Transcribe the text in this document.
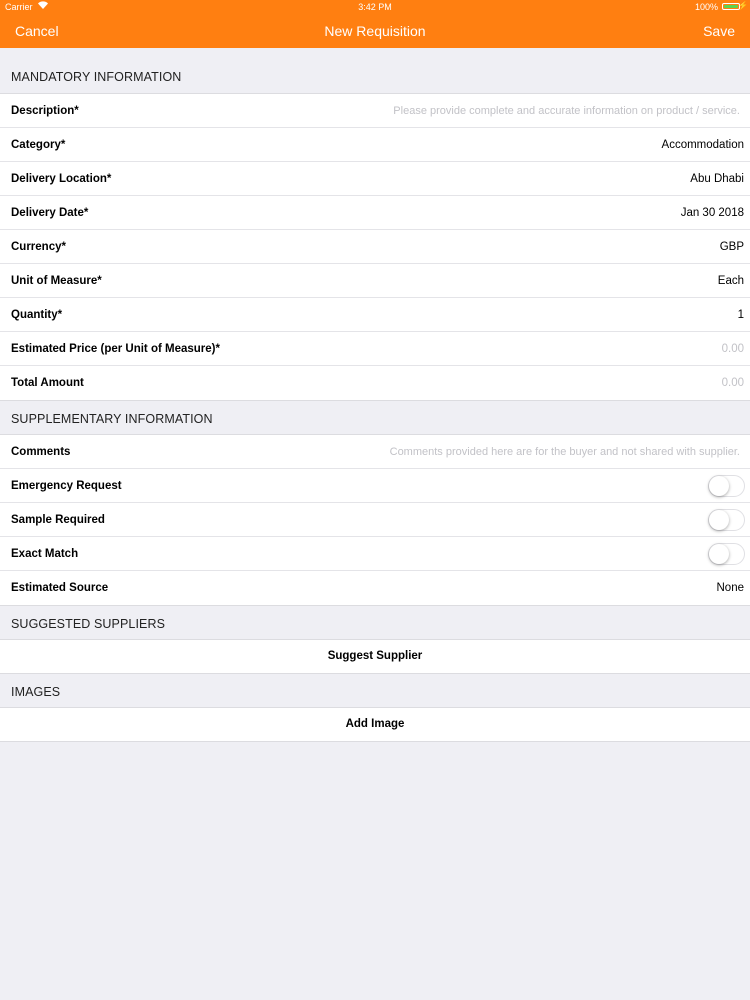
Carrier	3:42 PM	100%	⚡
Cancel	New Requisition	Save
MANDATORY INFORMATION
Description*	Please provide complete and accurate information on product / service.
Category*	Accommodation
Delivery Location*	Abu Dhabi
Delivery Date*	Jan 30 2018
Currency*	GBP
Unit of Measure*	Each
Quantity*	1
Estimated Price (per Unit of Measure)*	0.00
Total Amount	0.00
SUPPLEMENTARY INFORMATION
Comments	Comments provided here are for the buyer and not shared with supplier.
Emergency Request
Sample Required
Exact Match
Estimated Source	None
SUGGESTED SUPPLIERS
Suggest Supplier
IMAGES
Add Image
